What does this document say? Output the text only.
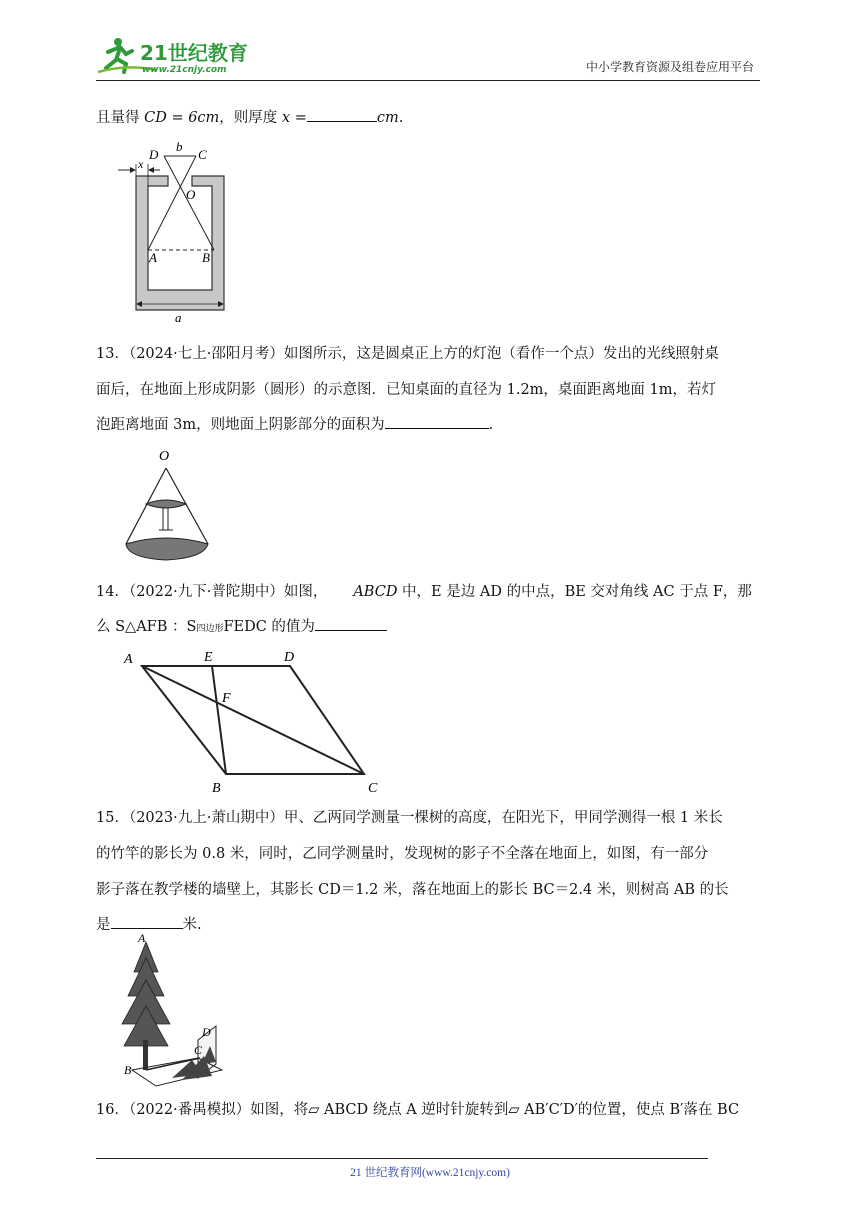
21世纪教育
www.21cnjy.com	中小学教育资源及组卷应用平台
且量得 CD = 6cm，则厚度 x =	cm.
b
C
D
x
O
A	B
a
13．（2024·七上·邵阳月考）如图所示，这是圆桌正上方的灯泡（看作一个点）发出的光线照射桌
面后，在地面上形成阴影（圆形）的示意图．已知桌面的直径为 1.2m，桌面距离地面 1m，若灯
泡距离地面 3m，则地面上阴影部分的面积为	．
O
14．（2022·九下·普陀期中）如图， ABCD 中，E 是边 AD 的中点，BE 交对角线 AC 于点 F，那
么 S△AFB ：S四边形FEDC 的值为
A	E	D
F
B	C
15．（2023·九上·萧山期中）甲、乙两同学测量一棵树的高度，在阳光下，甲同学测得一根 1 米长
的竹竿的影长为 0.8 米，同时，乙同学测量时，发现树的影子不全落在地面上，如图，有一部分
影子落在教学楼的墙壁上，其影长 CD＝1.2 米，落在地面上的影长 BC＝2.4 米，则树高 AB 的长
是	米.
A
D
C
B
16．（2022·番禺模拟）如图，将▱ ABCD 绕点 A 逆时针旋转到▱ AB′C′D′的位置，使点 B′落在 BC
21 世纪教育网(www.21cnjy.com)
